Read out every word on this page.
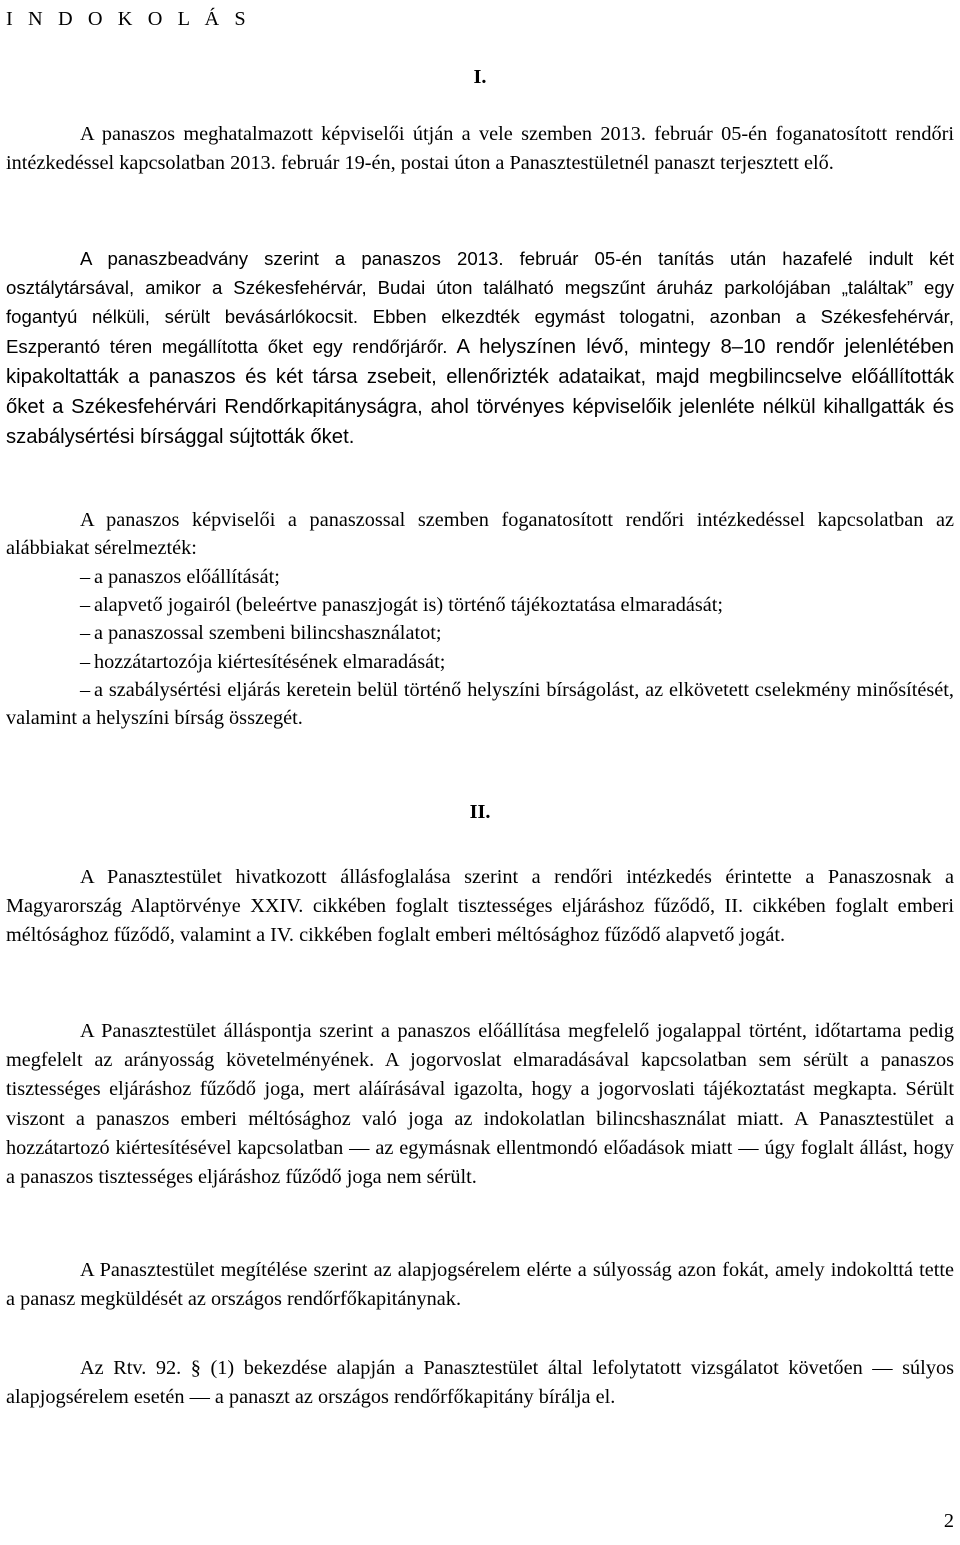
I N D O K O L Á S
I.

A panaszos meghatalmazott képviselői útján a vele szemben 2013. február 05-én foganatosított rendőri intézkedéssel kapcsolatban 2013. február 19-én, postai úton a Panasztestületnél panaszt terjesztett elő.

A panaszbeadvány szerint a panaszos 2013. február 05-én tanítás után hazafelé indult két osztálytársával, amikor a Székesfehérvár, Budai úton található megszűnt áruház parkolójában „találtak” egy fogantyú nélküli, sérült bevásárlókocsit. Ebben elkezdték egymást tologatni, azonban a Székesfehérvár, Eszperantó téren megállította őket egy rendőrjárőr. A helyszínen lévő, mintegy 8–10 rendőr jelenlétében kipakoltatták a panaszos és két társa zsebeit, ellenőrizték adataikat, majd megbilincselve előállították őket a Székesfehérvári Rendőrkapitányságra, ahol törvényes képviselőik jelenléte nélkül kihallgatták és szabálysértési bírsággal sújtották őket.

A panaszos képviselői a panaszossal szemben foganatosított rendőri intézkedéssel kapcsolatban az alábbiakat sérelmezték:

– a panaszos előállítását;
– alapvető jogairól (beleértve panaszjogát is) történő tájékoztatása elmaradását;
– a panaszossal szembeni bilincshasználatot;
– hozzátartozója kiértesítésének elmaradását;
– a szabálysértési eljárás keretein belül történő helyszíni bírságolást, az elkövetett cselekmény minősítését, valamint a helyszíni bírság összegét.
II.

A Panasztestület hivatkozott állásfoglalása szerint a rendőri intézkedés érintette a Panaszosnak a Magyarország Alaptörvénye XXIV. cikkében foglalt tisztességes eljáráshoz fűződő, II. cikkében foglalt emberi méltósághoz fűződő, valamint a IV. cikkében foglalt emberi méltósághoz fűződő alapvető jogát.

A Panasztestület álláspontja szerint a panaszos előállítása megfelelő jogalappal történt, időtartama pedig megfelelt az arányosság követelményének. A jogorvoslat elmaradásával kapcsolatban sem sérült a panaszos tisztességes eljáráshoz fűződő joga, mert aláírásával igazolta, hogy a jogorvoslati tájékoztatást megkapta. Sérült viszont a panaszos emberi méltósághoz való joga az indokolatlan bilincshasználat miatt. A Panasztestület a hozzátartozó kiértesítésével kapcsolatban — az egymásnak ellentmondó előadások miatt — úgy foglalt állást, hogy a panaszos tisztességes eljáráshoz fűződő joga nem sérült.

A Panasztestület megítélése szerint az alapjogsérelem elérte a súlyosság azon fokát, amely indokolttá tette a panasz megküldését az országos rendőrfőkapitánynak.

Az Rtv. 92. § (1) bekezdése alapján a Panasztestület által lefolytatott vizsgálatot követően — súlyos alapjogsérelem esetén — a panaszt az országos rendőrfőkapitány bírálja el.

2
